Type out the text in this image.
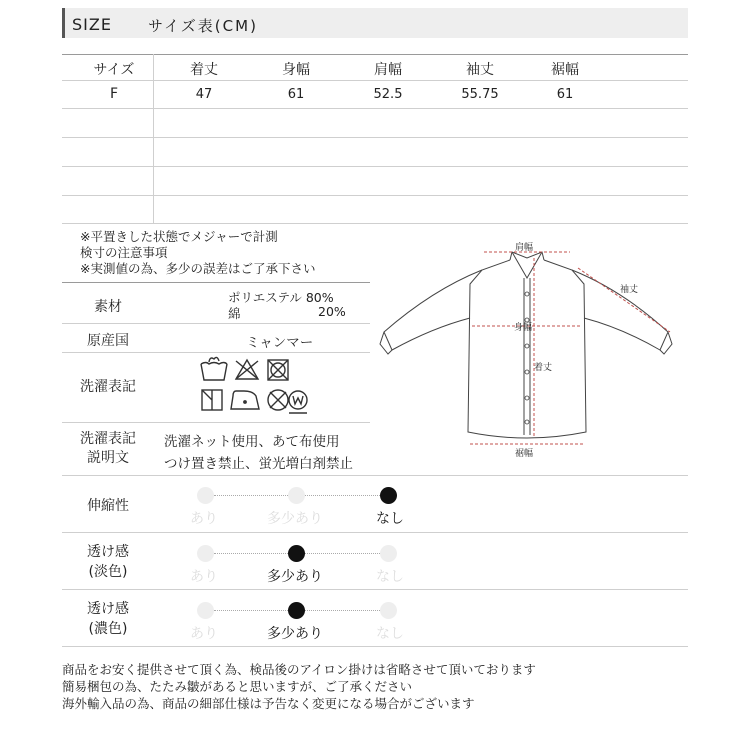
SIZE サイズ表(CM)
サイズ	着丈	身幅	肩幅	袖丈	裾幅
F	47	61	52.5	55.75	61
※平置きした状態でメジャーで計測
検寸の注意事項
※実測値の為、多少の誤差はご了承下さい
素材
ポリエステル 80%
綿	20%
原産国	ミャンマー
洗濯表記
洗濯表記
説明文
洗濯ネット使用、あて布使用
つけ置き禁止、蛍光増白剤禁止
肩幅
袖丈
身幅
着丈
裾幅
伸縮性
あり	多少あり	なし
透け感
(淡色)	あり	多少あり	なし
透け感
(濃色)	あり	多少あり	なし
商品をお安く提供させて頂く為、検品後のアイロン掛けは省略させて頂いております
簡易梱包の為、たたみ皺があると思いますが、ご了承ください
海外輸入品の為、商品の細部仕様は予告なく変更になる場合がございます
